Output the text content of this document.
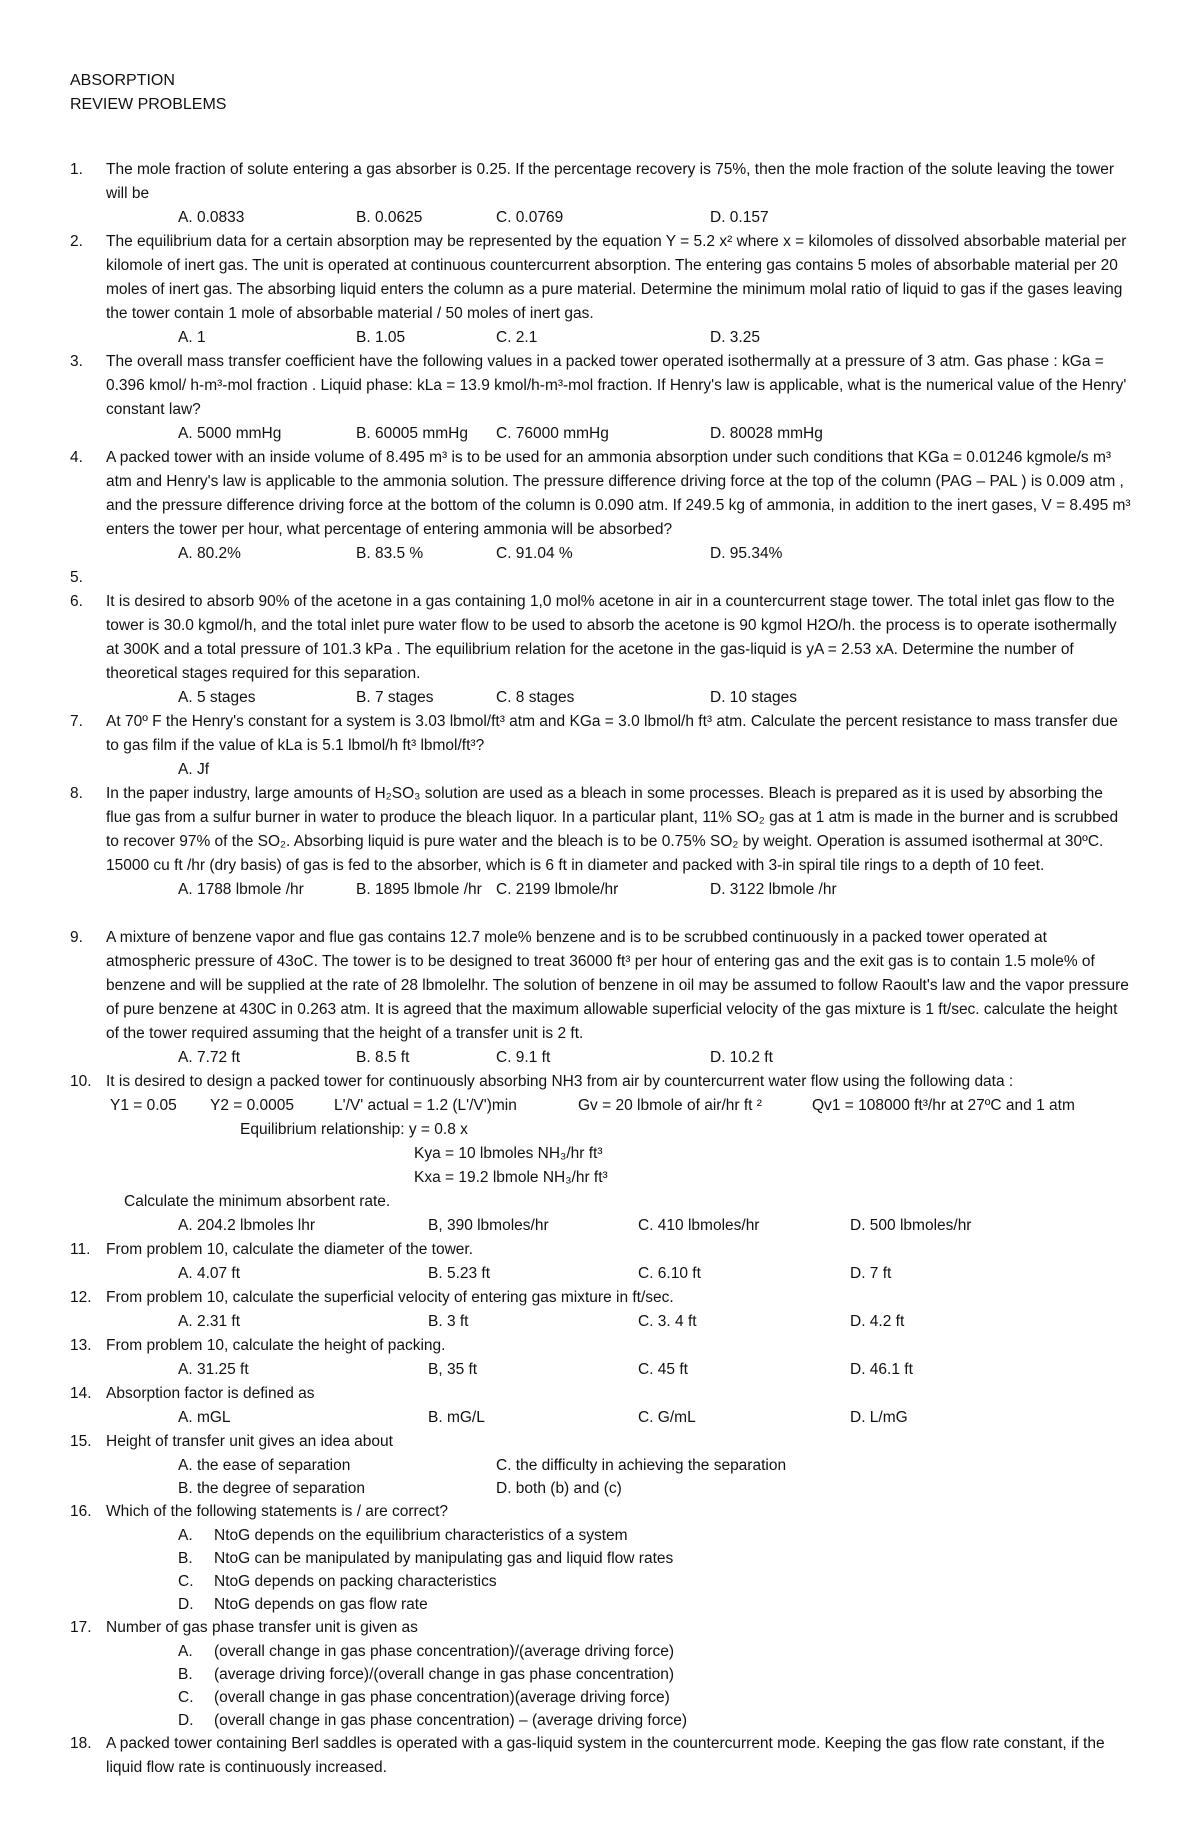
ABSORPTION
REVIEW PROBLEMS
1.	The mole fraction of solute entering a gas absorber is 0.25. If the percentage recovery is 75%, then the mole fraction of the solute leaving the tower will be
A. 0.0833	B. 0.0625	C. 0.0769	D. 0.157
2.	The equilibrium data for a certain absorption may be represented by the equation Y = 5.2 x² where x = kilomoles of dissolved absorbable material per kilomole of inert gas. The unit is operated at continuous countercurrent absorption. The entering gas contains 5 moles of absorbable material per 20 moles of inert gas. The absorbing liquid enters the column as a pure material. Determine the minimum molal ratio of liquid to gas if the gases leaving the tower contain 1 mole of absorbable material / 50 moles of inert gas.
A. 1	B. 1.05	C. 2.1	D. 3.25
3.	The overall mass transfer coefficient have the following values in a packed tower operated isothermally at a pressure of 3 atm. Gas phase : kGa = 0.396 kmol/ h-m³-mol fraction . Liquid phase: kLa = 13.9 kmol/h-m³-mol fraction. If Henry's law is applicable, what is the numerical value of the Henry' constant law?
A. 5000 mmHg	B. 60005 mmHg C. 76000 mmHg	D. 80028 mmHg
4.	A packed tower with an inside volume of 8.495 m³ is to be used for an ammonia absorption under such conditions that KGa = 0.01246 kgmole/s m³ atm and Henry's law is applicable to the ammonia solution. The pressure difference driving force at the top of the column (PAG – PAL ) is 0.009 atm , and the pressure difference driving force at the bottom of the column is 0.090 atm. If 249.5 kg of ammonia, in addition to the inert gases, V = 8.495 m³ enters the tower per hour, what percentage of entering ammonia will be absorbed?
A. 80.2%	B. 83.5 %	C. 91.04 %	D. 95.34%
5.
6.	It is desired to absorb 90% of the acetone in a gas containing 1,0 mol% acetone in air in a countercurrent stage tower. The total inlet gas flow to the tower is 30.0 kgmol/h, and the total inlet pure water flow to be used to absorb the acetone is 90 kgmol H2O/h. the process is to operate isothermally at 300K and a total pressure of 101.3 kPa . The equilibrium relation for the acetone in the gas-liquid is yA = 2.53 xA. Determine the number of theoretical stages required for this separation.
A. 5 stages	B. 7 stages	C. 8 stages	D. 10 stages
7.	At 70º F the Henry's constant for a system is 3.03 lbmol/ft³ atm and KGa = 3.0 lbmol/h ft³ atm. Calculate the percent resistance to mass transfer due to gas film if the value of kLa is 5.1 lbmol/h ft³ lbmol/ft³?
A. Jf
8.	In the paper industry, large amounts of H₂SO₃ solution are used as a bleach in some processes. Bleach is prepared as it is used by absorbing the flue gas from a sulfur burner in water to produce the bleach liquor. In a particular plant, 11% SO₂ gas at 1 atm is made in the burner and is scrubbed to recover 97% of the SO₂. Absorbing liquid is pure water and the bleach is to be 0.75% SO₂ by weight. Operation is assumed isothermal at 30ºC. 15000 cu ft /hr (dry basis) of gas is fed to the absorber, which is 6 ft in diameter and packed with 3-in spiral tile rings to a depth of 10 feet.
A. 1788 lbmole /hr	B. 1895 lbmole /hr C. 2199 lbmole/hr	D. 3122 lbmole /hr
9.	A mixture of benzene vapor and flue gas contains 12.7 mole% benzene and is to be scrubbed continuously in a packed tower operated at atmospheric pressure of 43oC. The tower is to be designed to treat 36000 ft³ per hour of entering gas and the exit gas is to contain 1.5 mole% of benzene and will be supplied at the rate of 28 lbmolelhr. The solution of benzene in oil may be assumed to follow Raoult's law and the vapor pressure of pure benzene at 430C in 0.263 atm. It is agreed that the maximum allowable superficial velocity of the gas mixture is 1 ft/sec. calculate the height of the tower required assuming that the height of a transfer unit is 2 ft.
A. 7.72 ft	B. 8.5 ft	C. 9.1 ft	D. 10.2 ft
10. It is desired to design a packed tower for continuously absorbing NH3 from air by countercurrent water flow using the following data :
Y1 = 0.05 Y2 = 0.0005	L'/V' actual = 1.2 (L'/V')min	Gv = 20 lbmole of air/hr ft ²	Qv1 = 108000 ft³/hr at 27ºC and 1 atm
Equilibrium relationship: y = 0.8 x
Kya = 10 lbmoles NH₃/hr ft³
Kxa = 19.2 lbmole NH₃/hr ft³
Calculate the minimum absorbent rate.
A. 204.2 lbmoles lhr	B, 390 lbmoles/hr	C. 410 lbmoles/hr	D. 500 lbmoles/hr
11.	From problem 10, calculate the diameter of the tower.
A. 4.07 ft	B. 5.23 ft	C. 6.10 ft	D. 7 ft
12. From problem 10, calculate the superficial velocity of entering gas mixture in ft/sec.
A. 2.31 ft	B. 3 ft	C. 3. 4 ft	D. 4.2 ft
13. From problem 10, calculate the height of packing.
A. 31.25 ft	B, 35 ft	C. 45 ft	D. 46.1 ft
14. Absorption factor is defined as
A. mGL	B. mG/L	C. G/mL	D. L/mG
15. Height of transfer unit gives an idea about
A. the ease of separation	C. the difficulty in achieving the separation
B. the degree of separation	D. both (b) and (c)
16. Which of the following statements is / are correct?
A. NtoG depends on the equilibrium characteristics of a system
B. NtoG can be manipulated by manipulating gas and liquid flow rates
C. NtoG depends on packing characteristics
D. NtoG depends on gas flow rate
17. Number of gas phase transfer unit is given as
A. (overall change in gas phase concentration)/(average driving force)
B. (average driving force)/(overall change in gas phase concentration)
C. (overall change in gas phase concentration)(average driving force)
D. (overall change in gas phase concentration) – (average driving force)
18. A packed tower containing Berl saddles is operated with a gas-liquid system in the countercurrent mode. Keeping the gas flow rate constant, if the liquid flow rate is continuously increased.
